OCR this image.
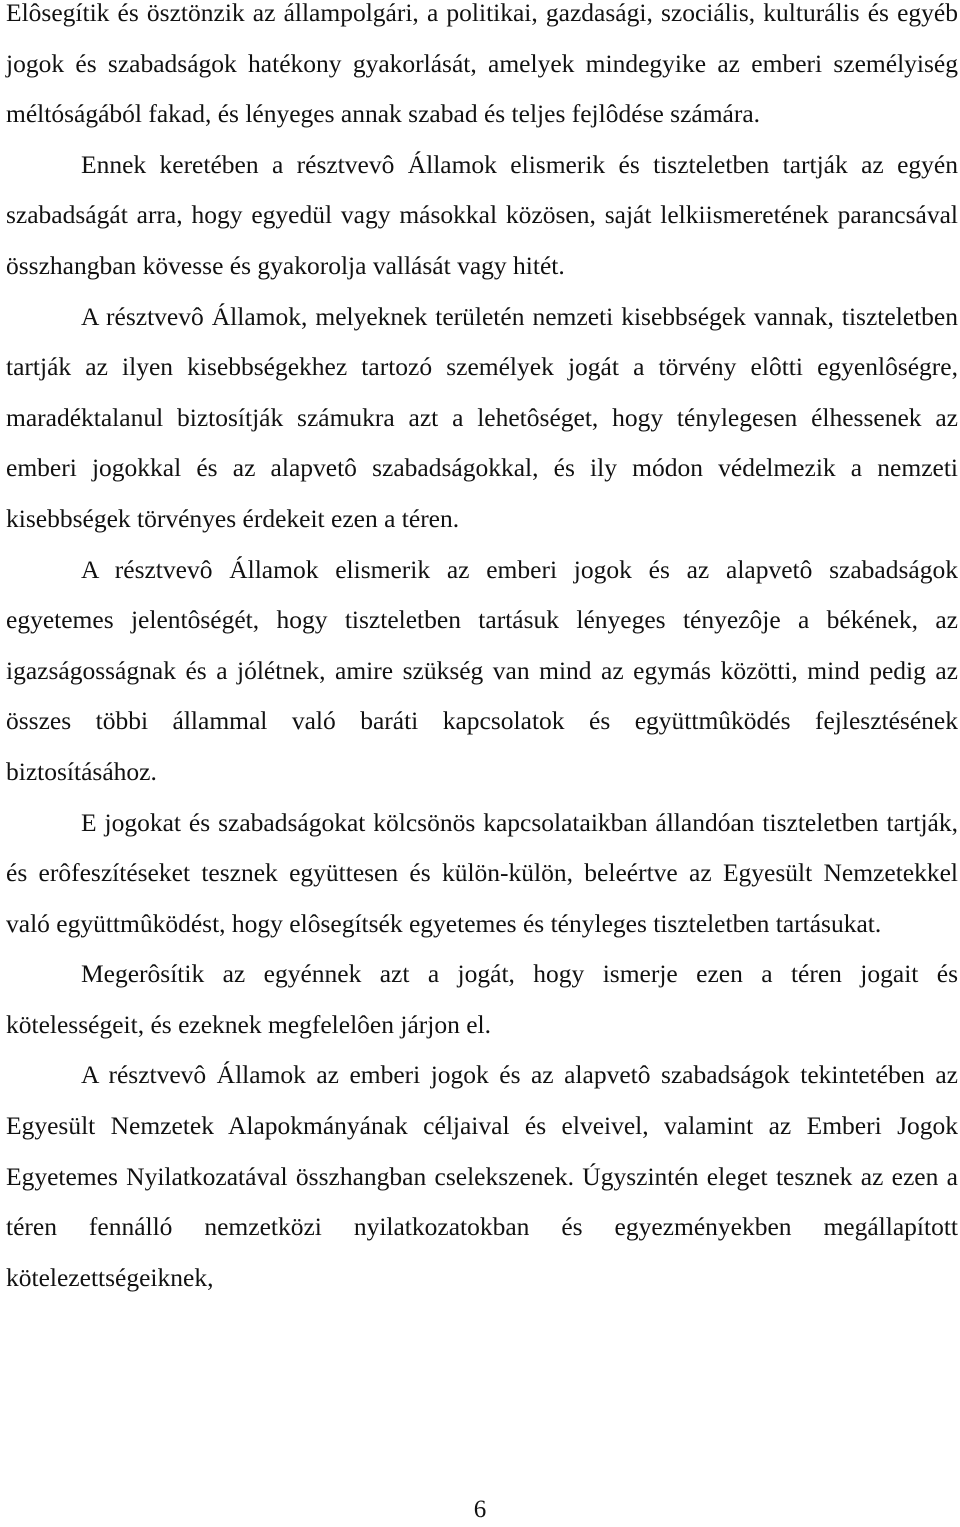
Elôsegítik és ösztönzik az állampolgári, a politikai, gazdasági, szociális, kulturális és egyéb jogok és szabadságok hatékony gyakorlását, amelyek mindegyike az emberi személyiség méltóságából fakad, és lényeges annak szabad és teljes fejlôdése számára.

Ennek keretében a résztvevô Államok elismerik és tiszteletben tartják az egyén szabadságát arra, hogy egyedül vagy másokkal közösen, saját lelkiismeretének parancsával összhangban kövesse és gyakorolja vallását vagy hitét.

A résztvevô Államok, melyeknek területén nemzeti kisebbségek vannak, tiszteletben tartják az ilyen kisebbségekhez tartozó személyek jogát a törvény elôtti egyenlôségre, maradéktalanul biztosítják számukra azt a lehetôséget, hogy ténylegesen élhessenek az emberi jogokkal és az alapvetô szabadságokkal, és ily módon védelmezik a nemzeti kisebbségek törvényes érdekeit ezen a téren.

A résztvevô Államok elismerik az emberi jogok és az alapvetô szabadságok egyetemes jelentôségét, hogy tiszteletben tartásuk lényeges tényezôje a békének, az igazságosságnak és a jólétnek, amire szükség van mind az egymás közötti, mind pedig az összes többi állammal való baráti kapcsolatok és együttmûködés fejlesztésének biztosításához.

E jogokat és szabadságokat kölcsönös kapcsolataikban állandóan tiszteletben tartják, és erôfeszítéseket tesznek együttesen és külön-külön, beleértve az Egyesült Nemzetekkel való együttmûködést, hogy elôsegítsék egyetemes és tényleges tiszteletben tartásukat.

Megerôsítik az egyénnek azt a jogát, hogy ismerje ezen a téren jogait és kötelességeit, és ezeknek megfelelôen járjon el.

A résztvevô Államok az emberi jogok és az alapvetô szabadságok tekintetében az Egyesült Nemzetek Alapokmányának céljaival és elveivel, valamint az Emberi Jogok Egyetemes Nyilatkozatával összhangban cselekszenek. Úgyszintén eleget tesznek az ezen a téren fennálló nemzetközi nyilatkozatokban és egyezményekben megállapított kötelezettségeiknek,

6
